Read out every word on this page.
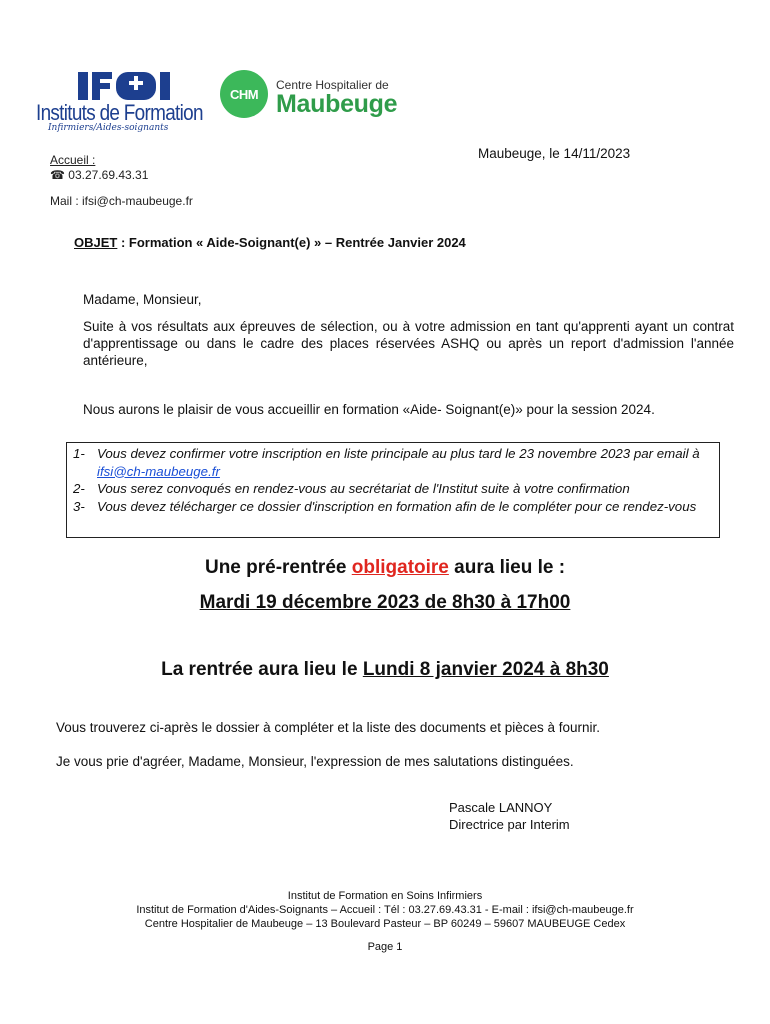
Instituts de Formation
Infirmiers/Aides-soignants
CHM
Centre Hospitalier de
Maubeuge
Accueil :
☎ 03.27.69.43.31
Mail : ifsi@ch-maubeuge.fr
Maubeuge, le 14/11/2023
OBJET : Formation « Aide-Soignant(e) » – Rentrée Janvier 2024
Madame, Monsieur,
Suite à vos résultats aux épreuves de sélection, ou à votre admission en tant qu'apprenti ayant un contrat d'apprentissage ou dans le cadre des places réservées ASHQ ou après un report d'admission l'année antérieure,
Nous aurons le plaisir de vous accueillir en formation «Aide- Soignant(e)» pour la session 2024.
1- Vous devez confirmer votre inscription en liste principale au plus tard le 23 novembre 2023 par email à ifsi@ch-maubeuge.fr
2- Vous serez convoqués en rendez-vous au secrétariat de l'Institut suite à votre confirmation
3- Vous devez télécharger ce dossier d'inscription en formation afin de le compléter pour ce rendez-vous
Une pré-rentrée obligatoire aura lieu le :
Mardi 19 décembre 2023 de 8h30 à 17h00
La rentrée aura lieu le Lundi 8 janvier 2024 à 8h30
Vous trouverez ci-après le dossier à compléter et la liste des documents et pièces à fournir.
Je vous prie d'agréer, Madame, Monsieur, l'expression de mes salutations distinguées.
Pascale LANNOY
Directrice par Interim
Institut de Formation en Soins Infirmiers
Institut de Formation d'Aides-Soignants – Accueil : Tél : 03.27.69.43.31 - E-mail : ifsi@ch-maubeuge.fr
Centre Hospitalier de Maubeuge – 13 Boulevard Pasteur – BP 60249 – 59607 MAUBEUGE Cedex
Page 1
